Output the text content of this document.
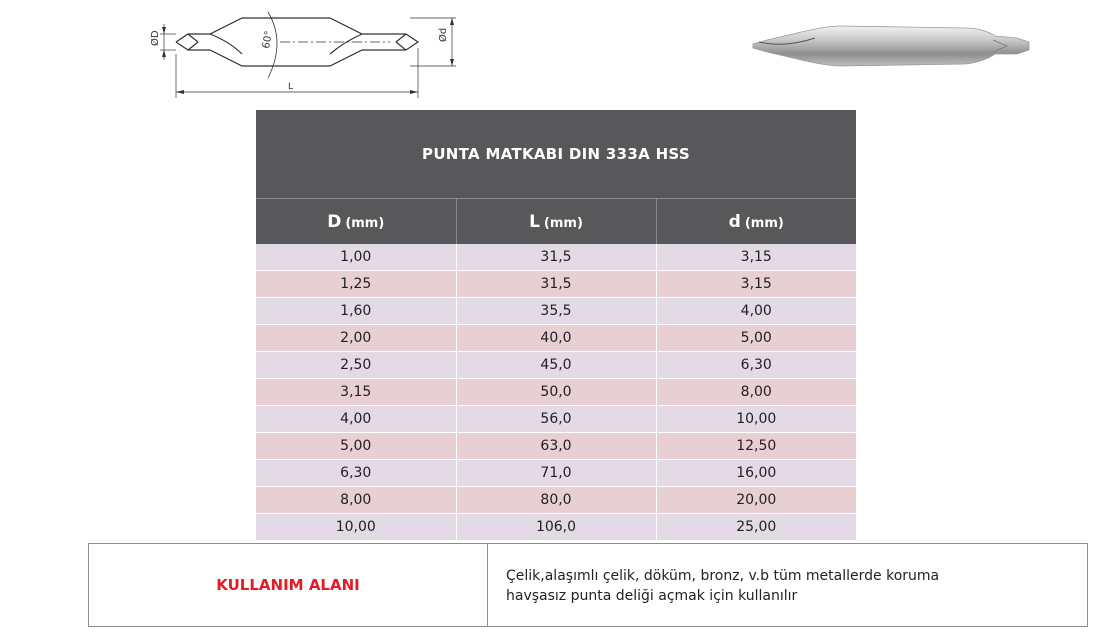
ØD	Ød
60°
L
PUNTA MATKABI DIN 333A HSS		
D (mm)	L (mm)	d (mm)
1,00	31,5	3,15
1,25	31,5	3,15
1,60	35,5	4,00
2,00	40,0	5,00
2,50	45,0	6,30
3,15	50,0	8,00
4,00	56,0	10,00
5,00	63,0	12,50
6,30	71,0	16,00
8,00	80,0	20,00
10,00	106,0	25,00
KULLANIM ALANI	Çelik,alaşımlı çelik, döküm, bronz, v.b tüm metallerde koruma
havşasız punta deliği açmak için kullanılır
